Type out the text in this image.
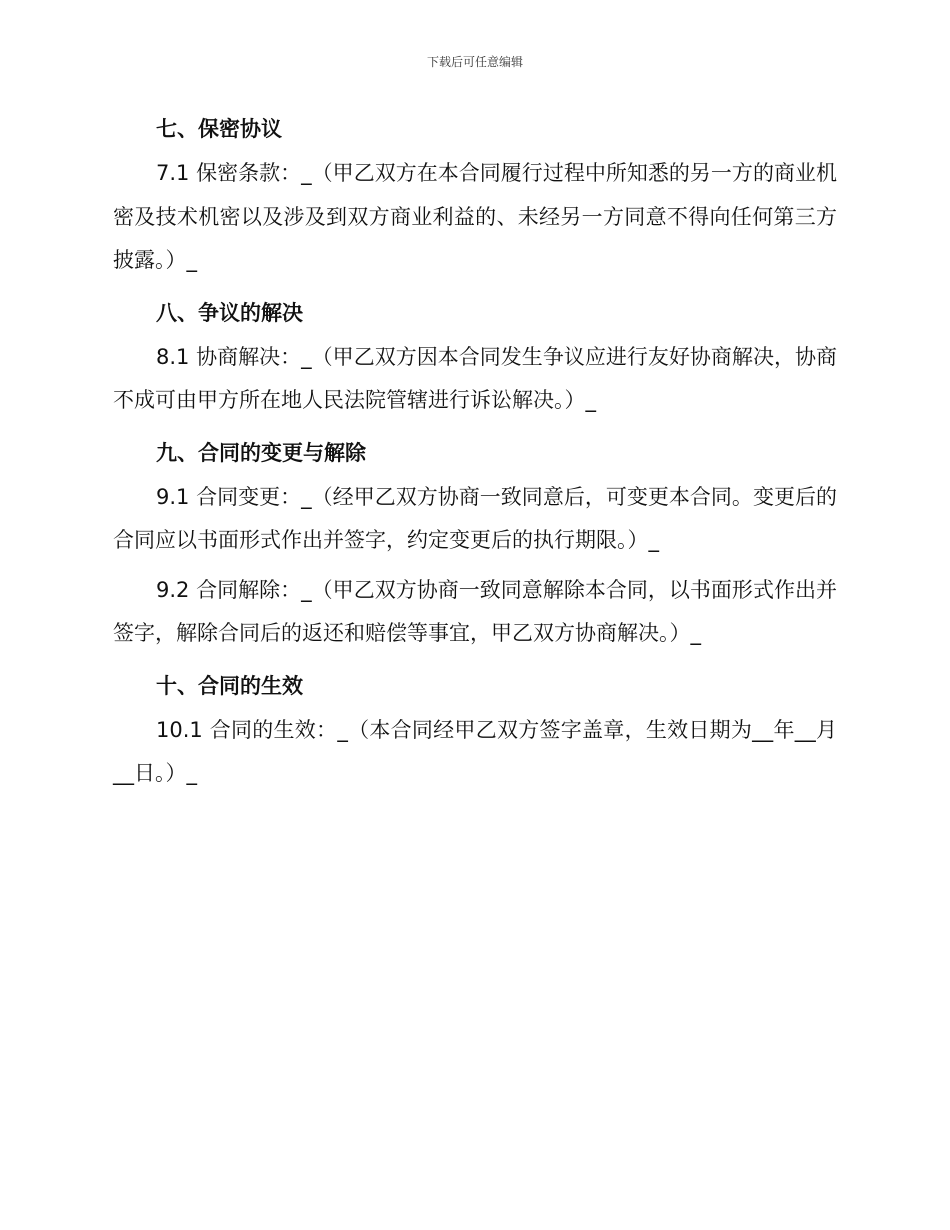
下载后可任意编辑
七、保密协议

7.1 保密条款：_（甲乙双方在本合同履行过程中所知悉的另一方的商业机密及技术机密以及涉及到双方商业利益的、未经另一方同意不得向任何第三方披露。）_

八、争议的解决

8.1 协商解决：_（甲乙双方因本合同发生争议应进行友好协商解决，协商不成可由甲方所在地人民法院管辖进行诉讼解决。）_

九、合同的变更与解除

9.1 合同变更：_（经甲乙双方协商一致同意后，可变更本合同。变更后的合同应以书面形式作出并签字，约定变更后的执行期限。）_

9.2 合同解除：_（甲乙双方协商一致同意解除本合同，以书面形式作出并签字，解除合同后的返还和赔偿等事宜，甲乙双方协商解决。）_

十、合同的生效

10.1 合同的生效：_（本合同经甲乙双方签字盖章，生效日期为__年__月__日。）_
